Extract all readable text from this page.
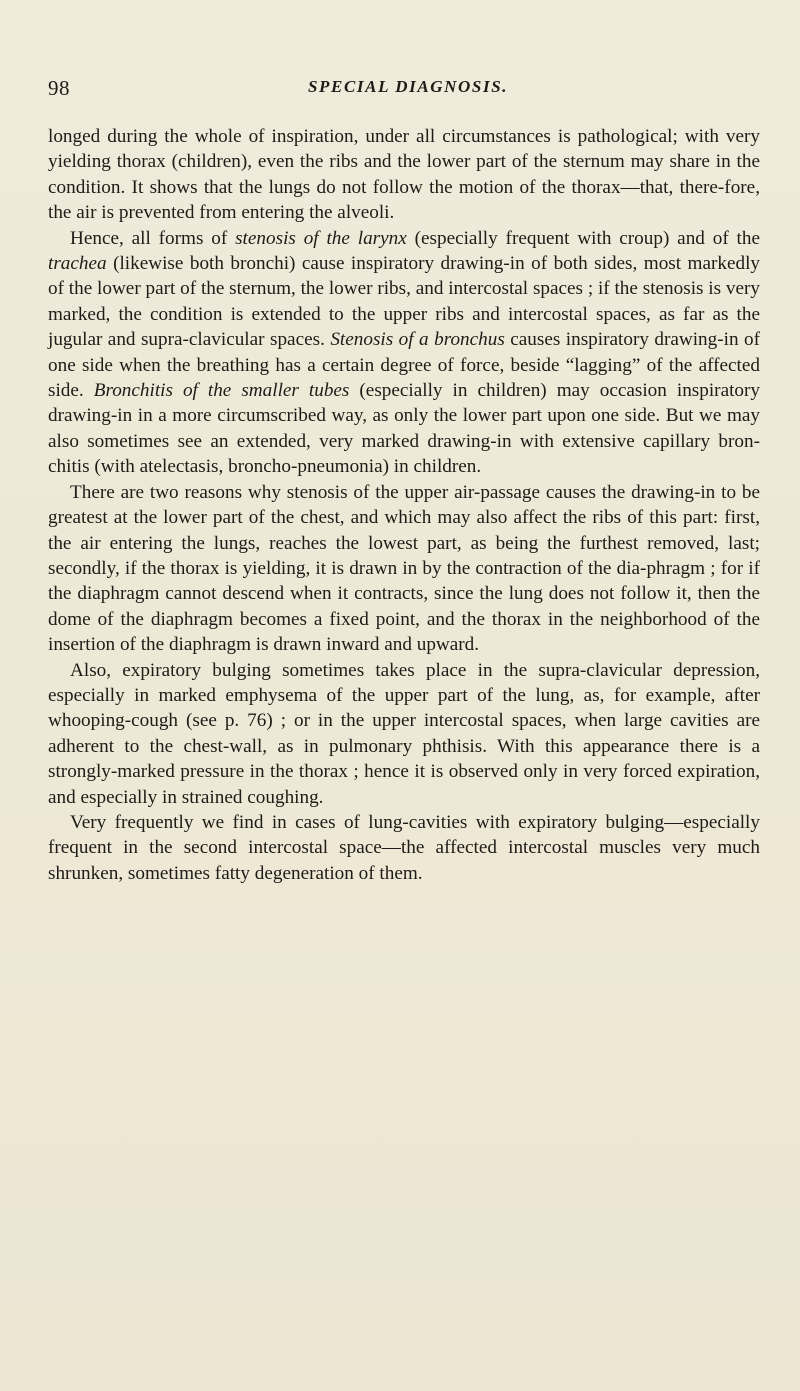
98	SPECIAL DIAGNOSIS.

longed during the whole of inspiration, under all circumstances is pathological; with very yielding thorax (children), even the ribs and the lower part of the sternum may share in the condition. It shows that the lungs do not follow the motion of the thorax—that, there-fore, the air is prevented from entering the alveoli.

Hence, all forms of stenosis of the larynx (especially frequent with croup) and of the trachea (likewise both bronchi) cause inspiratory drawing-in of both sides, most markedly of the lower part of the sternum, the lower ribs, and intercostal spaces ; if the stenosis is very marked, the condition is extended to the upper ribs and intercostal spaces, as far as the jugular and supra-clavicular spaces. Stenosis of a bronchus causes inspiratory drawing-in of one side when the breathing has a certain degree of force, beside “lagging” of the affected side. Bronchitis of the smaller tubes (especially in children) may occasion inspiratory drawing-in in a more circumscribed way, as only the lower part upon one side. But we may also sometimes see an extended, very marked drawing-in with extensive capillary bron-chitis (with atelectasis, broncho-pneumonia) in children.

There are two reasons why stenosis of the upper air-passage causes the drawing-in to be greatest at the lower part of the chest, and which may also affect the ribs of this part: first, the air entering the lungs, reaches the lowest part, as being the furthest removed, last; secondly, if the thorax is yielding, it is drawn in by the contraction of the dia-phragm ; for if the diaphragm cannot descend when it contracts, since the lung does not follow it, then the dome of the diaphragm becomes a fixed point, and the thorax in the neighborhood of the insertion of the diaphragm is drawn inward and upward.

Also, expiratory bulging sometimes takes place in the supra-clavicular depression, especially in marked emphysema of the upper part of the lung, as, for example, after whooping-cough (see p. 76) ; or in the upper intercostal spaces, when large cavities are adherent to the chest-wall, as in pulmonary phthisis. With this appearance there is a strongly-marked pressure in the thorax ; hence it is observed only in very forced expiration, and especially in strained coughing.

Very frequently we find in cases of lung-cavities with expiratory bulging—especially frequent in the second intercostal space—the affected intercostal muscles very much shrunken, sometimes fatty degeneration of them.
